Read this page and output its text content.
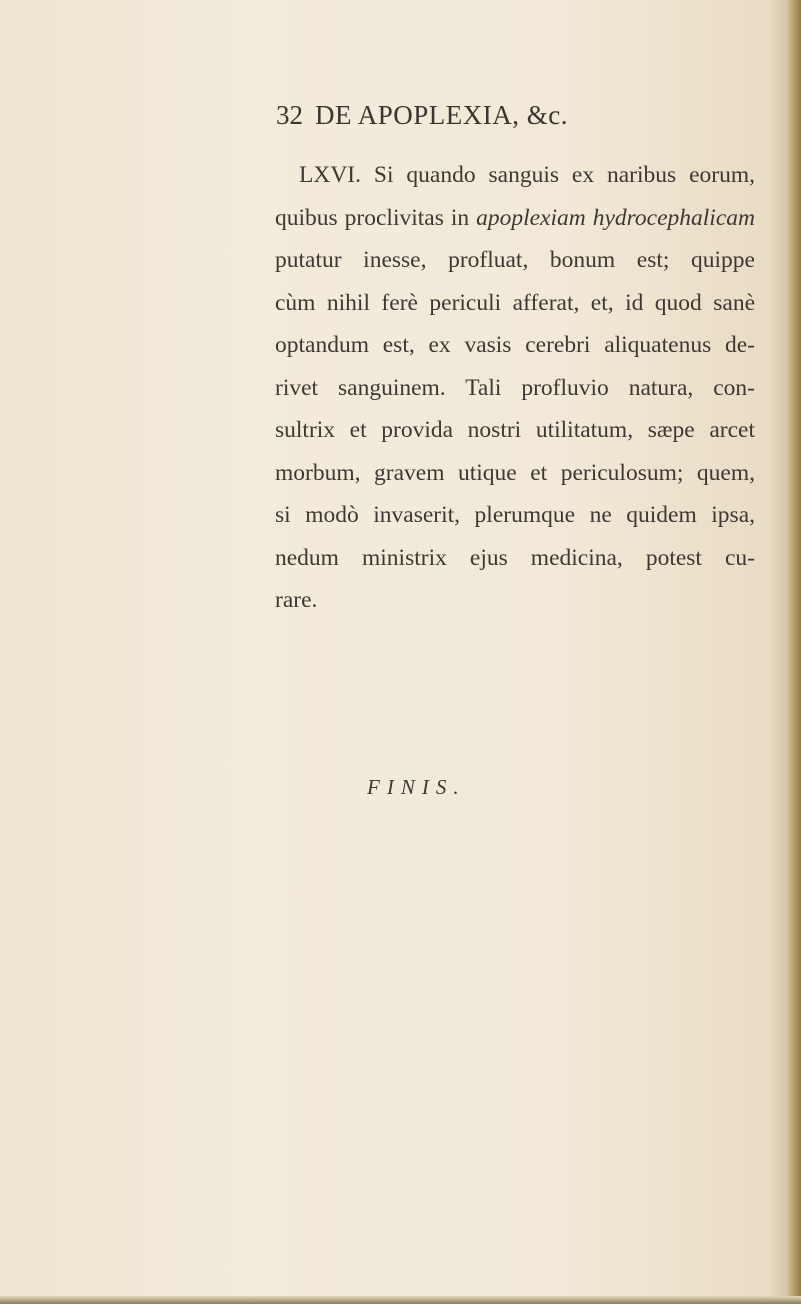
32 DE APOPLEXIA, &c.
LXVI. Si quando sanguis ex naribus eorum,
quibus proclivitas in apoplexiam hydrocephalicam
putatur inesse, profluat, bonum est; quippe
cùm nihil ferè periculi afferat, et, id quod sanè
optandum est, ex vasis cerebri aliquatenus de-
rivet sanguinem. Tali profluvio natura, con-
sultrix et provida nostri utilitatum, sæpe arcet
morbum, gravem utique et periculosum; quem,
si modò invaserit, plerumque ne quidem ipsa,
nedum ministrix ejus medicina, potest cu-
rare.
FINIS.
